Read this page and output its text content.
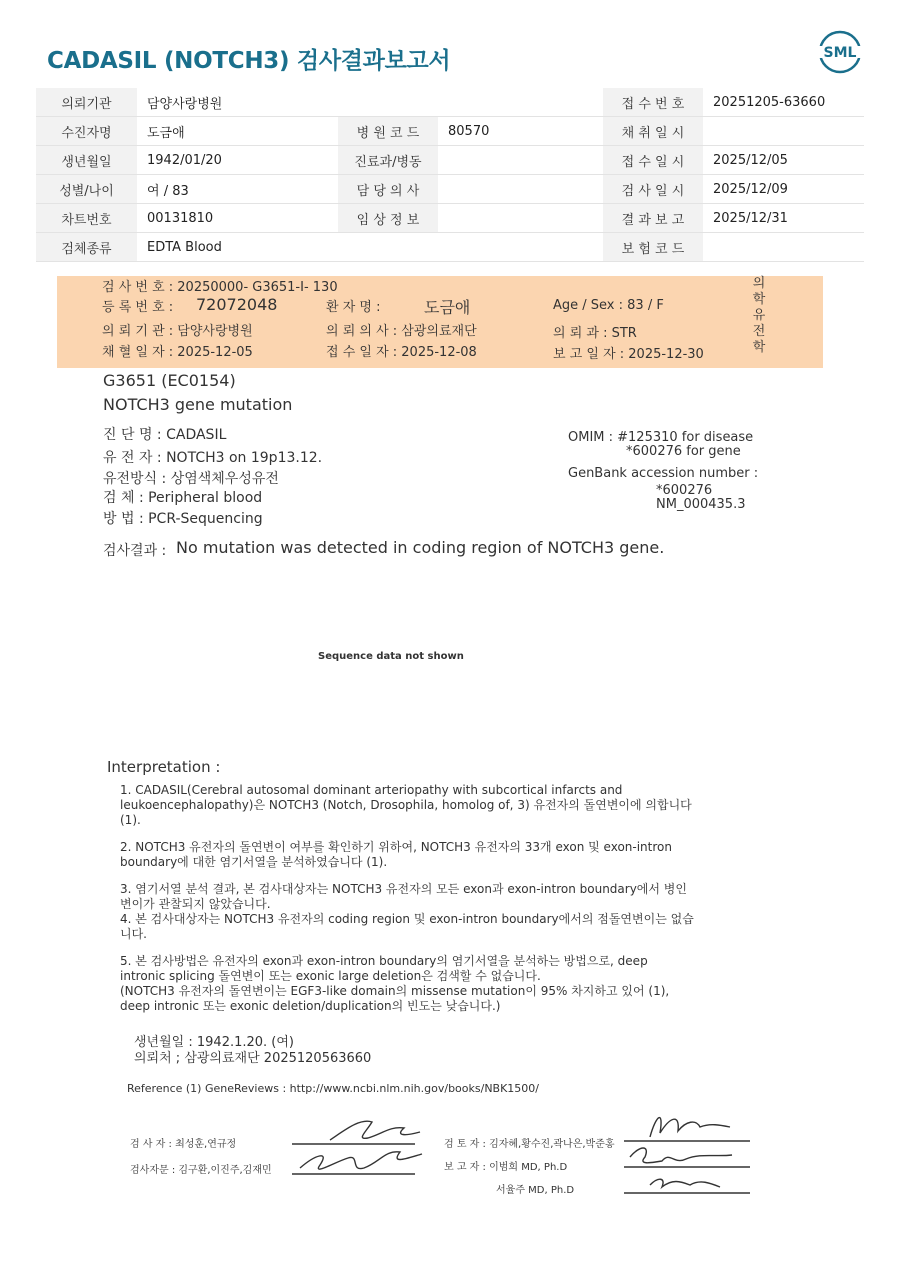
CADASIL (NOTCH3) 검사결과보고서	SML
의뢰기관	담양사랑병원			접 수 번 호	20251205-63660
수진자명	도금애	병 원 코 드	80570	채 취 일 시	
생년월일	1942/01/20	진료과/병동		접 수 일 시	2025/12/05
성별/나이	여 / 83	담 당 의 사		검 사 일 시	2025/12/09
차트번호	00131810	임 상 정 보		결 과 보 고	2025/12/31
검체종류	EDTA Blood			보 험 코 드	
검 사 번 호 : 20250000- G3651-I- 130
등 록 번 호 : 72072048	환 자 명 :	도금애	Age / Sex : 83 / F
의 뢰 기 관 : 담양사랑병원	의 뢰 의 사 : 삼광의료재단	의 뢰 과 : STR
채 혈 일 자 : 2025-12-05	접 수 일 자 : 2025-12-08	보 고 일 자 : 2025-12-30
의학유전학
G3651 (EC0154)
NOTCH3 gene mutation
진 단 명 : CADASIL
유 전 자 : NOTCH3 on 19p13.12.
유전방식 : 상염색체우성유전
검 체 : Peripheral blood
방 법 : PCR-Sequencing
OMIM : #125310 for disease
*600276 for gene
GenBank accession number :
*600276
NM_000435.3
검사결과 : No mutation was detected in coding region of NOTCH3 gene.
Sequence data not shown
Interpretation :

1. CADASIL(Cerebral autosomal dominant arteriopathy with subcortical infarcts and

leukoencephalopathy)은 NOTCH3 (Notch, Drosophila, homolog of, 3) 유전자의 돌연변이에 의합니다

(1).

2. NOTCH3 유전자의 돌연변이 여부를 확인하기 위하여, NOTCH3 유전자의 33개 exon 및 exon-intron

boundary에 대한 염기서열을 분석하였습니다 (1).

3. 염기서열 분석 결과, 본 검사대상자는 NOTCH3 유전자의 모든 exon과 exon-intron boundary에서 병인

변이가 관찰되지 않았습니다.

4. 본 검사대상자는 NOTCH3 유전자의 coding region 및 exon-intron boundary에서의 점돌연변이는 없습

니다.

5. 본 검사방법은 유전자의 exon과 exon-intron boundary의 염기서열을 분석하는 방법으로, deep

intronic splicing 돌연변이 또는 exonic large deletion은 검색할 수 없습니다.

(NOTCH3 유전자의 돌연변이는 EGF3-like domain의 missense mutation이 95% 차지하고 있어 (1),

deep intronic 또는 exonic deletion/duplication의 빈도는 낮습니다.)

생년월일 : 1942.1.20. (여)
의뢰처 ; 삼광의료재단 2025120563660
Reference (1) GeneReviews : http://www.ncbi.nlm.nih.gov/books/NBK1500/
검 사 자 : 최성훈,연규정
검사자문 : 김구환,이진주,김재민
검 토 자 : 김자혜,황수진,곽나은,박준홍
보 고 자 : 이범희 MD, Ph.D
서율주 MD, Ph.D
